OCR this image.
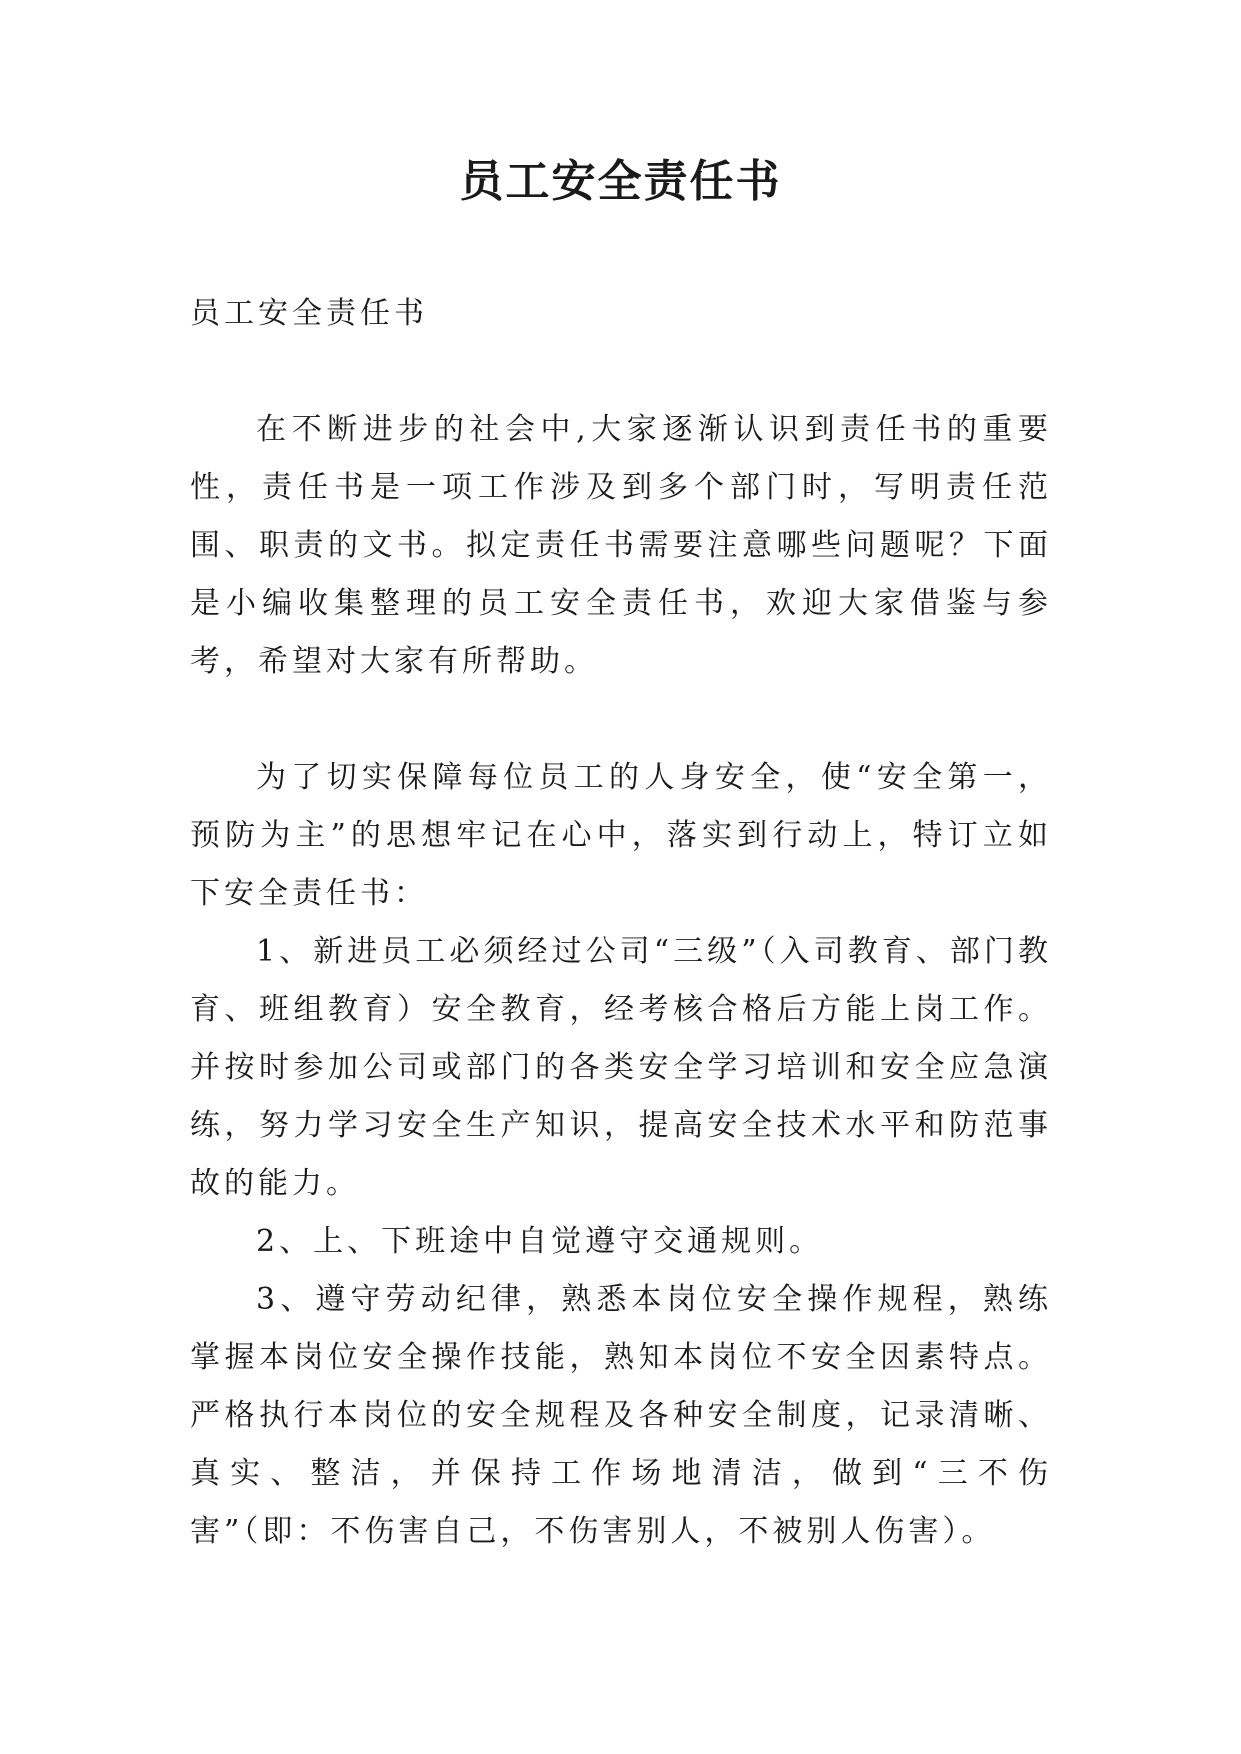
员工安全责任书

员工安全责任书

在不断进步的社会中,大家逐渐认识到责任书的重要性，责任书是一项工作涉及到多个部门时，写明责任范围、职责的文书。拟定责任书需要注意哪些问题呢？下面是小编收集整理的员工安全责任书，欢迎大家借鉴与参考，希望对大家有所帮助。

为了切实保障每位员工的人身安全，使“安全第一，预防为主”的思想牢记在心中，落实到行动上，特订立如下安全责任书：

1、新进员工必须经过公司“三级”（入司教育、部门教育、班组教育）安全教育，经考核合格后方能上岗工作。并按时参加公司或部门的各类安全学习培训和安全应急演练，努力学习安全生产知识，提高安全技术水平和防范事故的能力。

2、上、下班途中自觉遵守交通规则。

3、遵守劳动纪律，熟悉本岗位安全操作规程，熟练掌握本岗位安全操作技能，熟知本岗位不安全因素特点。严格执行本岗位的安全规程及各种安全制度，记录清晰、真实、整洁，并保持工作场地清洁，做到“三不伤害”（即：不伤害自己，不伤害别人，不被别人伤害）。
